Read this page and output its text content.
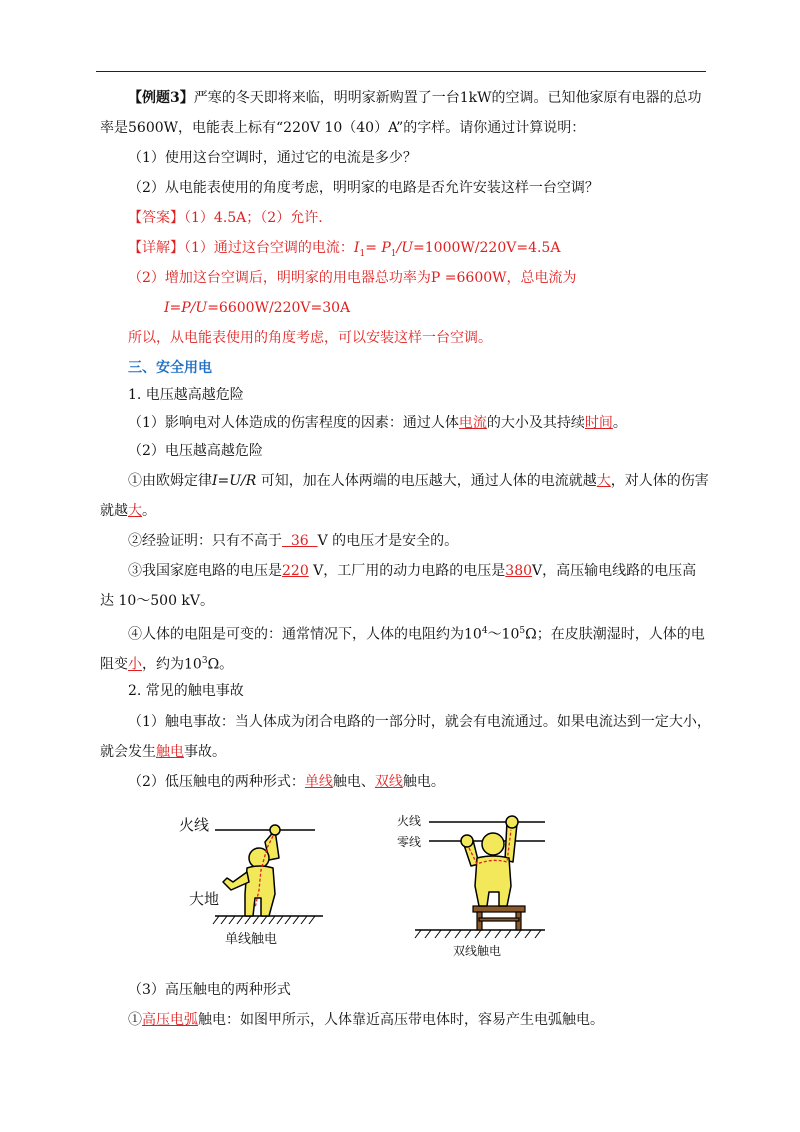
【例题3】严寒的冬天即将来临，明明家新购置了一台1kW的空调。已知他家原有电器的总功
率是5600W，电能表上标有“220V 10（40）A”的字样。请你通过计算说明：
（1）使用这台空调时，通过它的电流是多少？
（2）从电能表使用的角度考虑，明明家的电路是否允许安装这样一台空调？
【答案】（1）4.5A；（2）允许.
【详解】（1）通过这台空调的电流：$I_1= P_1/U=1000W/220V=4.5A$
（2）增加这台空调后，明明家的用电器总功率为P =6600W，总电流为
I=P/U=6600W/220V=30A
所以，从电能表使用的角度考虑，可以安装这样一台空调。
三、安全用电
1. 电压越高越危险
（1）影响电对人体造成的伤害程度的因素：通过人体电流的大小及其持续时间。
（2）电压越高越危险
①由欧姆定律I=U/R 可知，加在人体两端的电压越大，通过人体的电流就越大，对人体的伤害
就越大。
②经验证明：只有不高于  36  V 的电压才是安全的。
③我国家庭电路的电压是220 V，工厂用的动力电路的电压是380V，高压输电线路的电压高
达 10～500 kV。
④人体的电阻是可变的：通常情况下，人体的电阻约为$10^4\sim 10^5\Omega$；在皮肤潮湿时，人体的电
阻变小，约为$10^3\Omega$。
2. 常见的触电事故
（1）触电事故：当人体成为闭合电路的一部分时，就会有电流通过。如果电流达到一定大小，
就会发生触电事故。
（2）低压触电的两种形式：单线触电、双线触电。
火线
大地
单线触电
火线
零线
双线触电
（3）高压触电的两种形式
①高压电弧触电：如图甲所示，人体靠近高压带电体时，容易产生电弧触电。
